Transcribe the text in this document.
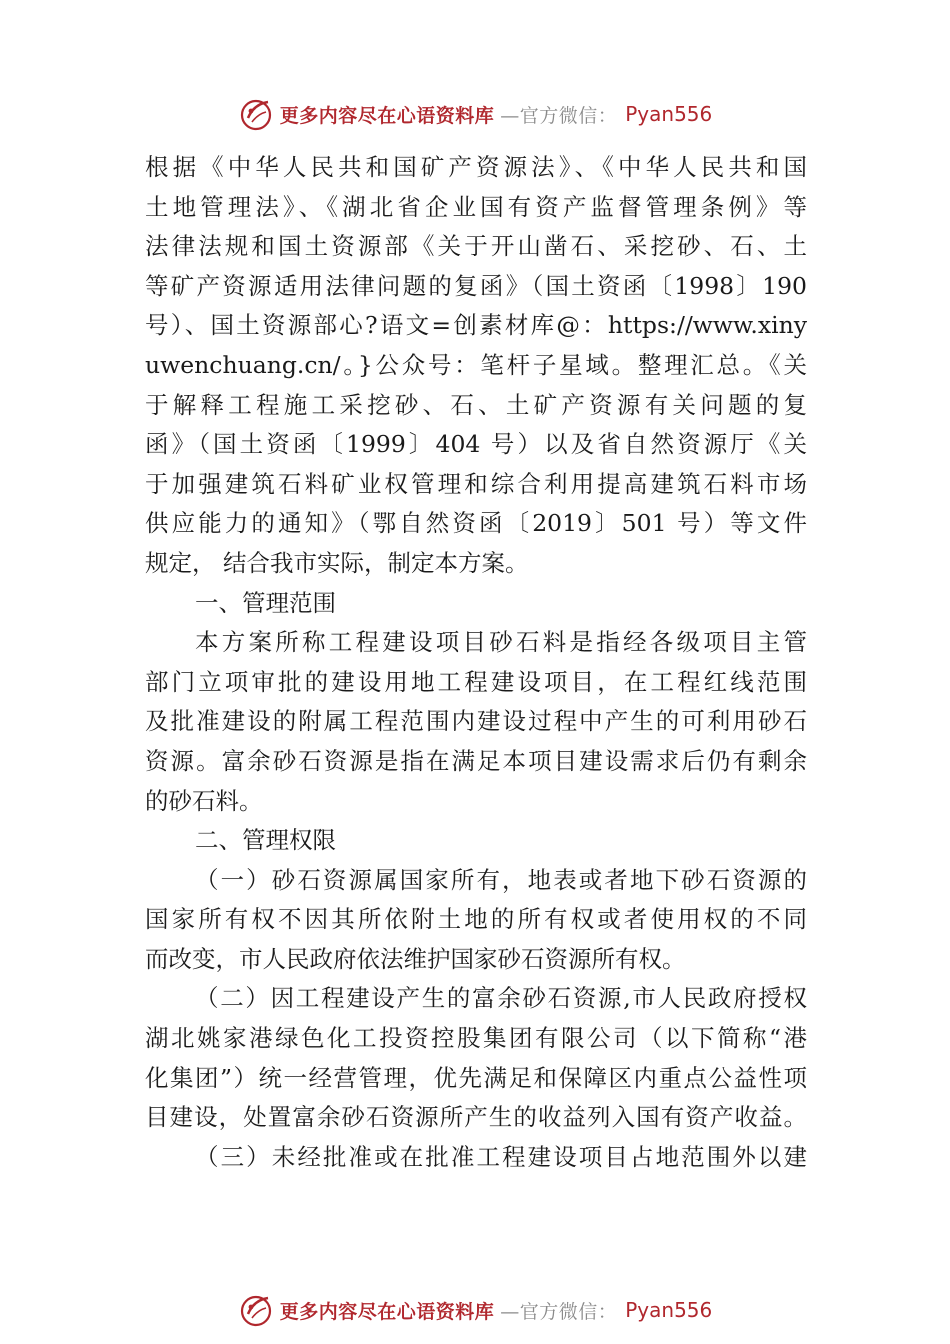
更多内容尽在心语资料库 —官方微信： Pyan556
根据《中华人民共和国矿产资源法》、《中华人民共和国
土地管理法》、《湖北省企业国有资产监督管理条例》等
法律法规和国土资源部《关于开山凿石、采挖砂、石、土
等矿产资源适用法律问题的复函》（国土资函〔1998〕190
号）、国土资源部心?语文=创素材库@：https://www.xiny
uwenchuang.cn/。}公众号：笔杆子星域。整理汇总。《关
于解释工程施工采挖砂、石、土矿产资源有关问题的复
函》（国土资函〔1999〕404 号）以及省自然资源厅《关
于加强建筑石料矿业权管理和综合利用提高建筑石料市场
供应能力的通知》（鄂自然资函〔2019〕501 号）等文件
规定， 结合我市实际，制定本方案。
一、管理范围
本方案所称工程建设项目砂石料是指经各级项目主管
部门立项审批的建设用地工程建设项目，在工程红线范围
及批准建设的附属工程范围内建设过程中产生的可利用砂石
资源。富余砂石资源是指在满足本项目建设需求后仍有剩余
的砂石料。
二、管理权限
（一）砂石资源属国家所有，地表或者地下砂石资源的
国家所有权不因其所依附土地的所有权或者使用权的不同
而改变，市人民政府依法维护国家砂石资源所有权。
（二）因工程建设产生的富余砂石资源,市人民政府授权
湖北姚家港绿色化工投资控股集团有限公司（以下简称“港
化集团”）统一经营管理，优先满足和保障区内重点公益性项
目建设，处置富余砂石资源所产生的收益列入国有资产收益。
（三）未经批准或在批准工程建设项目占地范围外以建
更多内容尽在心语资料库 —官方微信： Pyan556
